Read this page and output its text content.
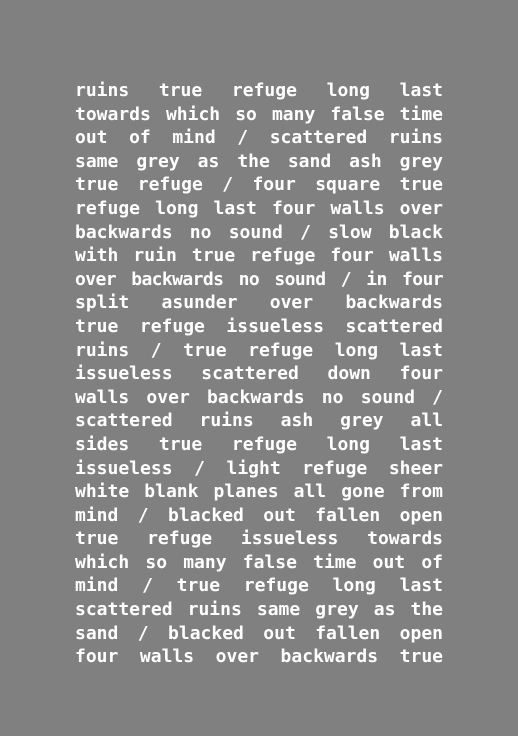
ruins true refuge long last
towards which so many false time
out of mind / scattered ruins
same grey as the sand ash grey
true refuge / four square true
refuge long last four walls over
backwards no sound / slow black
with ruin true refuge four walls
over backwards no sound / in four
split asunder over backwards
true refuge issueless scattered
ruins / true refuge long last
issueless scattered down four
walls over backwards no sound /
scattered ruins ash grey all
sides true refuge long last
issueless / light refuge sheer
white blank planes all gone from
mind / blacked out fallen open
true refuge issueless towards
which so many false time out of
mind / true refuge long last
scattered ruins same grey as the
sand / blacked out fallen open
four walls over backwards true
